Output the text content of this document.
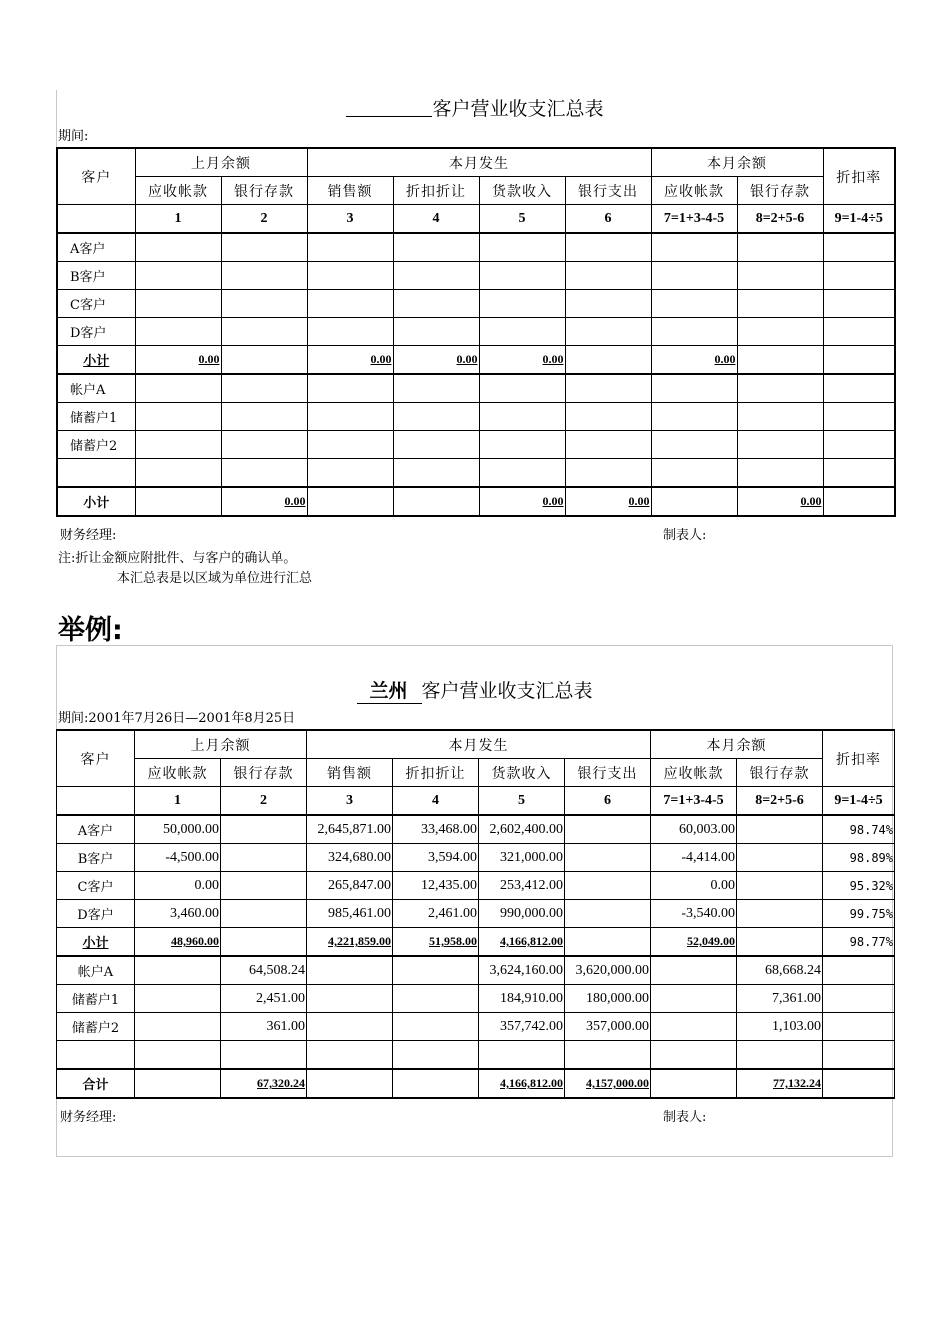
客户营业收支汇总表
期间:
客户	上月余额		本月发生				本月余额		折扣率
	应收帐款	银行存款	销售额	折扣折让	货款收入	银行支出	应收帐款	银行存款	
	1	2	3	4	5	6	7=1+3-4-5	8=2+5-6	9=1-4÷5
A客户									
B客户									
C客户									
D客户									
小计	0.00		0.00	0.00	0.00		0.00		
帐户A									
储蓄户1									
储蓄户2									

小计		0.00			0.00	0.00		0.00	
财务经理:	制表人:
注:折让金额应附批件、与客户的确认单。
本汇总表是以区域为单位进行汇总
举例:
兰州 客户营业收支汇总表
期间:2001年7月26日—2001年8月25日
客户	上月余额		本月发生				本月余额		折扣率
	应收帐款	银行存款	销售额	折扣折让	货款收入	银行支出	应收帐款	银行存款	
	1	2	3	4	5	6	7=1+3-4-5	8=2+5-6	9=1-4÷5
A客户	50,000.00		2,645,871.00	33,468.00	2,602,400.00		60,003.00		98.74%
B客户	-4,500.00		324,680.00	3,594.00	321,000.00		-4,414.00		98.89%
C客户	0.00		265,847.00	12,435.00	253,412.00		0.00		95.32%
D客户	3,460.00		985,461.00	2,461.00	990,000.00		-3,540.00		99.75%
小计	48,960.00		4,221,859.00	51,958.00	4,166,812.00		52,049.00		98.77%
帐户A		64,508.24			3,624,160.00	3,620,000.00		68,668.24	
储蓄户1		2,451.00			184,910.00	180,000.00		7,361.00	
储蓄户2		361.00			357,742.00	357,000.00		1,103.00	

合计		67,320.24			4,166,812.00	4,157,000.00		77,132.24	
财务经理:	制表人:
